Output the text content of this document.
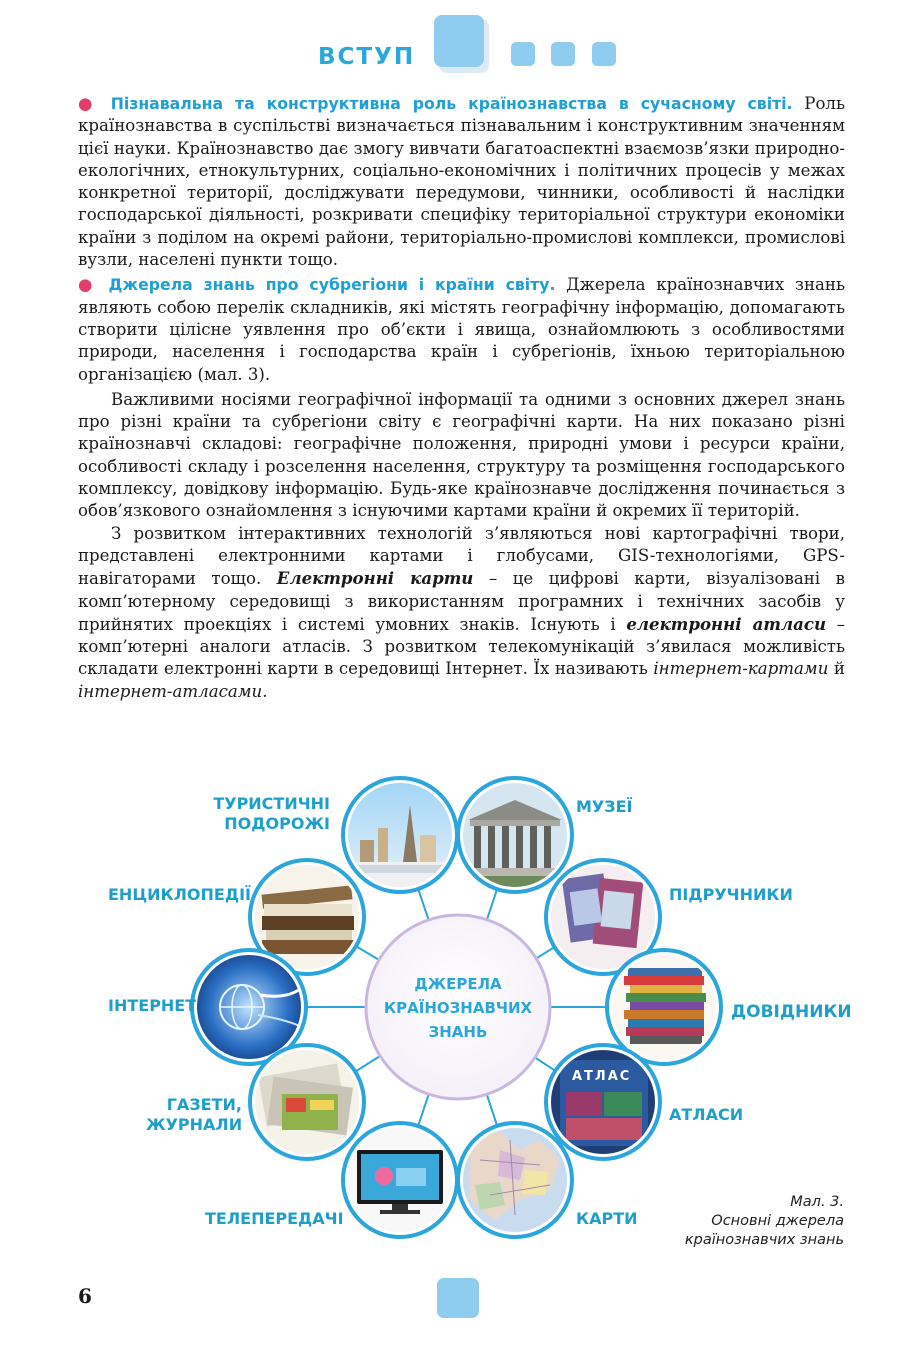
ВСТУП

● Пізнавальна та конструктивна роль країнознавства в сучасному світі. Роль країнознавства в суспільстві визначається пізнавальним і конструктивним значенням цієї науки. Країнознавство дає змогу вивчати багатоаспектні взаємозв’язки природно-екологічних, етнокультурних, соціально-економічних і політичних процесів у межах конкретної території, досліджувати передумови, чинники, особливості й наслідки господарської діяльності, розкривати специфіку територіальної структури економіки країни з поділом на окремі райони, територіально-промислові комплекси, промислові вузли, населені пункти тощо.

● Джерела знань про субрегіони і країни світу. Джерела країнознавчих знань являють собою перелік складників, які містять географічну інформацію, допомагають створити цілісне уявлення про об’єкти і явища, ознайомлюють з особливостями природи, населення і господарства країн і субрегіонів, їхньою територіальною організацією (мал. 3).

Важливими носіями географічної інформації та одними з основних джерел знань про різні країни та субрегіони світу є географічні карти. На них показано різні країнознавчі складові: географічне положення, природні умови і ресурси країни, особливості складу і розселення населення, структуру та розміщення господарського комплексу, довідкову інформацію. Будь-яке країнознавче дослідження починається з обов’язкового ознайомлення з існуючими картами країни й окремих її територій.

З розвитком інтерактивних технологій з’являються нові картографічні твори, представлені електронними картами і глобусами, GIS-технологіями, GPS-навігаторами тощо. Електронні карти – це цифрові карти, візуалізовані в комп’ютерному середовищі з використанням програмних і технічних засобів у прийнятих проекціях і системі умовних знаків. Існують і електронні атласи – комп’ютерні аналоги атласів. З розвитком телекомунікацій з’явилася можливість складати електронні карти в середовищі Інтернет. Їх називають інтернет-картами й інтернет-атласами.

АТЛАС
ДЖЕРЕЛА
КРАЇНОЗНАВЧИХ
ЗНАНЬ
ТУРИСТИЧНІ
ПОДОРОЖІ
МУЗЕЇ
ЕНЦИКЛОПЕДІЇ	ПІДРУЧНИКИ
ІНТЕРНЕТ	ДОВІДНИКИ
ГАЗЕТИ,
ЖУРНАЛИ
АТЛАСИ
ТЕЛЕПЕРЕДАЧІ	КАРТИ
Мал. 3.
Основні джерела
країнознавчих знань
6
